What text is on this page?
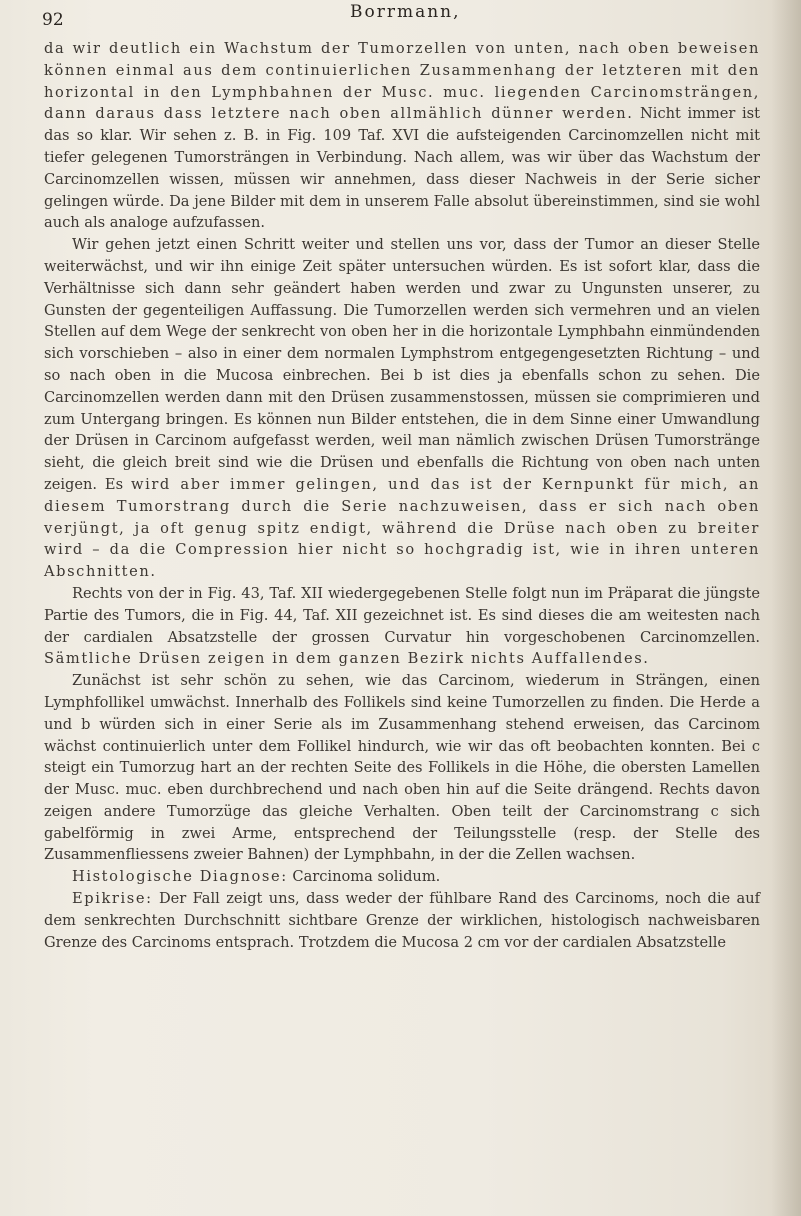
92	Borrmann,

da wir deutlich ein Wachstum der Tumorzellen von unten, nach oben beweisen können einmal aus dem continuierlichen Zusammenhang der letzteren mit den horizontal in den Lymphbahnen der Musc. muc. liegenden Carcinomsträngen, dann daraus dass letztere nach oben allmählich dünner werden. Nicht immer ist das so klar. Wir sehen z. B. in Fig. 109 Taf. XVI die aufsteigenden Carcinomzellen nicht mit tiefer gelegenen Tumorsträngen in Verbindung. Nach allem, was wir über das Wachstum der Carcinomzellen wissen, müssen wir annehmen, dass dieser Nachweis in der Serie sicher gelingen würde. Da jene Bilder mit dem in unserem Falle absolut übereinstimmen, sind sie wohl auch als analoge aufzufassen.

Wir gehen jetzt einen Schritt weiter und stellen uns vor, dass der Tumor an dieser Stelle weiterwächst, und wir ihn einige Zeit später untersuchen würden. Es ist sofort klar, dass die Verhältnisse sich dann sehr geändert haben werden und zwar zu Ungunsten unserer, zu Gunsten der gegenteiligen Auffassung. Die Tumorzellen werden sich vermehren und an vielen Stellen auf dem Wege der senkrecht von oben her in die horizontale Lymphbahn einmündenden sich vorschieben – also in einer dem normalen Lymphstrom entgegengesetzten Richtung – und so nach oben in die Mucosa einbrechen. Bei b ist dies ja ebenfalls schon zu sehen. Die Carcinomzellen werden dann mit den Drüsen zusammenstossen, müssen sie comprimieren und zum Untergang bringen. Es können nun Bilder entstehen, die in dem Sinne einer Umwandlung der Drüsen in Carcinom aufgefasst werden, weil man nämlich zwischen Drüsen Tumorstränge sieht, die gleich breit sind wie die Drüsen und ebenfalls die Richtung von oben nach unten zeigen. Es wird aber immer gelingen, und das ist der Kernpunkt für mich, an diesem Tumorstrang durch die Serie nachzuweisen, dass er sich nach oben verjüngt, ja oft genug spitz endigt, während die Drüse nach oben zu breiter wird – da die Compression hier nicht so hochgradig ist, wie in ihren unteren Abschnitten.

Rechts von der in Fig. 43, Taf. XII wiedergegebenen Stelle folgt nun im Präparat die jüngste Partie des Tumors, die in Fig. 44, Taf. XII gezeichnet ist. Es sind dieses die am weitesten nach der cardialen Absatzstelle der grossen Curvatur hin vorgeschobenen Carcinomzellen. Sämtliche Drüsen zeigen in dem ganzen Bezirk nichts Auffallendes.

Zunächst ist sehr schön zu sehen, wie das Carcinom, wiederum in Strängen, einen Lymphfollikel umwächst. Innerhalb des Follikels sind keine Tumorzellen zu finden. Die Herde a und b würden sich in einer Serie als im Zusammenhang stehend erweisen, das Carcinom wächst continuierlich unter dem Follikel hindurch, wie wir das oft beobachten konnten. Bei c steigt ein Tumorzug hart an der rechten Seite des Follikels in die Höhe, die obersten Lamellen der Musc. muc. eben durchbrechend und nach oben hin auf die Seite drängend. Rechts davon zeigen andere Tumorzüge das gleiche Verhalten. Oben teilt der Carcinomstrang c sich gabelförmig in zwei Arme, entsprechend der Teilungsstelle (resp. der Stelle des Zusammenfliessens zweier Bahnen) der Lymphbahn, in der die Zellen wachsen.

Histologische Diagnose: Carcinoma solidum.

Epikrise: Der Fall zeigt uns, dass weder der fühlbare Rand des Carcinoms, noch die auf dem senkrechten Durchschnitt sichtbare Grenze der wirklichen, histologisch nachweisbaren Grenze des Carcinoms entsprach. Trotzdem die Mucosa 2 cm vor der cardialen Absatzstelle
